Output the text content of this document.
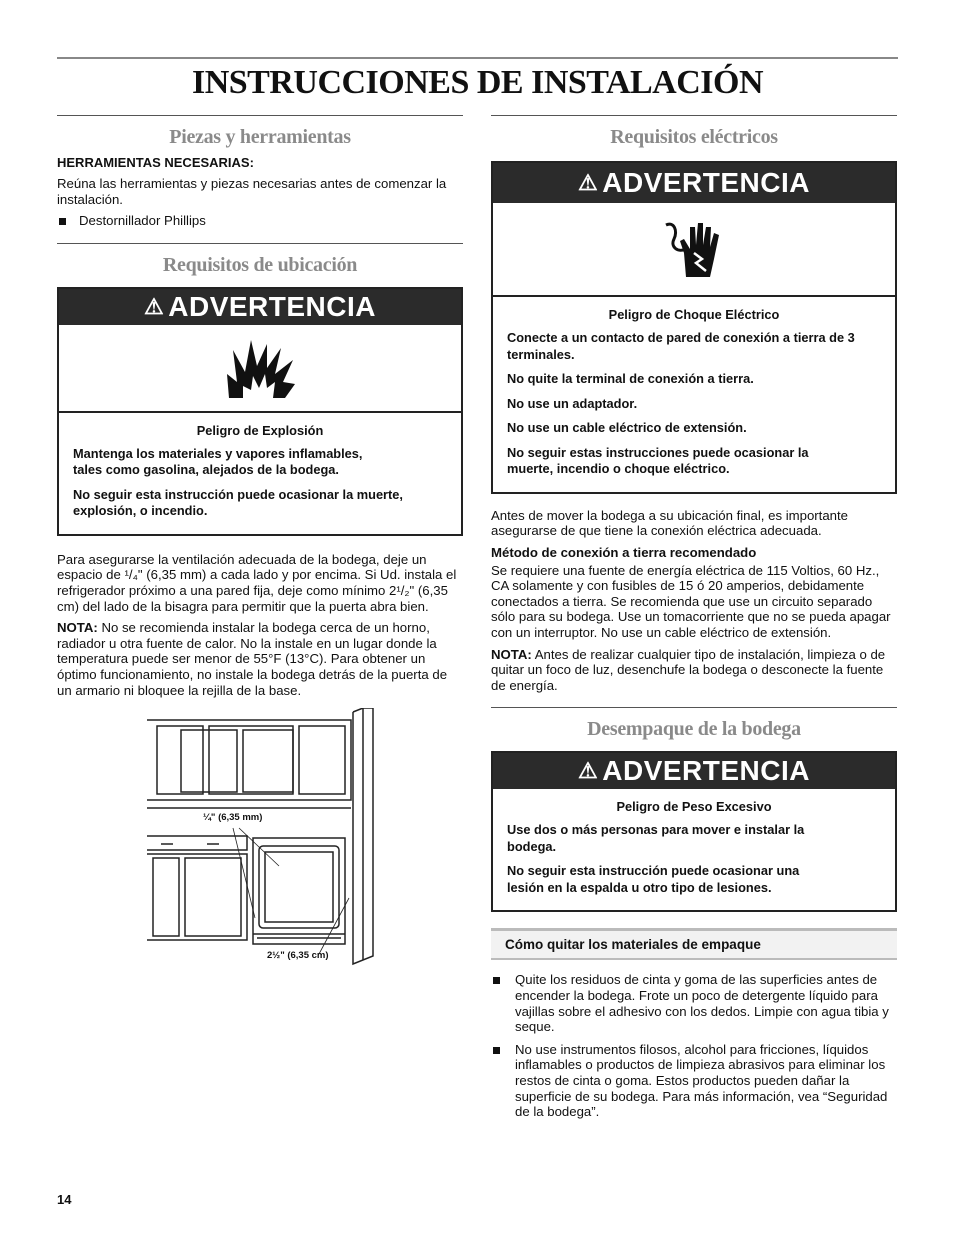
INSTRUCCIONES DE INSTALACIÓN
Piezas y herramientas
HERRAMIENTAS NECESARIAS:

Reúna las herramientas y piezas necesarias antes de comenzar la instalación.

Destornillador Phillips
Requisitos de ubicación
⚠ ADVERTENCIA
Peligro de Explosión

Mantenga los materiales y vapores inflamables, tales como gasolina, alejados de la bodega.

No seguir esta instrucción puede ocasionar la muerte, explosión, o incendio.

Para asegurarse la ventilación adecuada de la bodega, deje un espacio de ¹/₄" (6,35 mm) a cada lado y por encima. Si Ud. instala el refrigerador próximo a una pared fija, deje como mínimo 2¹/₂" (6,35 cm) del lado de la bisagra para permitir que la puerta abra bien.

NOTA: No se recomienda instalar la bodega cerca de un horno, radiador u otra fuente de calor. No la instale en un lugar donde la temperatura puede ser menor de 55°F (13°C). Para obtener un óptimo funcionamiento, no instale la bodega detrás de la puerta de un armario ni bloquee la rejilla de la base.

¼" (6,35 mm)
2½" (6,35 cm)
Requisitos eléctricos
⚠ ADVERTENCIA
Peligro de Choque Eléctrico

Conecte a un contacto de pared de conexión a tierra de 3 terminales.

No quite la terminal de conexión a tierra.

No use un adaptador.

No use un cable eléctrico de extensión.

No seguir estas instrucciones puede ocasionar la muerte, incendio o choque eléctrico.

Antes de mover la bodega a su ubicación final, es importante asegurarse de que tiene la conexión eléctrica adecuada.

Método de conexión a tierra recomendado

Se requiere una fuente de energía eléctrica de 115 Voltios, 60 Hz., CA solamente y con fusibles de 15 ó 20 amperios, debidamente conectados a tierra. Se recomienda que use un circuito separado sólo para su bodega. Use un tomacorriente que no se pueda apagar con un interruptor. No use un cable eléctrico de extensión.

NOTA: Antes de realizar cualquier tipo de instalación, limpieza o de quitar un foco de luz, desenchufe la bodega o desconecte la fuente de energía.

Desempaque de la bodega
⚠ ADVERTENCIA
Peligro de Peso Excesivo

Use dos o más personas para mover e instalar la bodega.

No seguir esta instrucción puede ocasionar una lesión en la espalda u otro tipo de lesiones.

Cómo quitar los materiales de empaque
Quite los residuos de cinta y goma de las superficies antes de encender la bodega. Frote un poco de detergente líquido para vajillas sobre el adhesivo con los dedos. Limpie con agua tibia y seque.
No use instrumentos filosos, alcohol para fricciones, líquidos inflamables o productos de limpieza abrasivos para eliminar los restos de cinta o goma. Estos productos pueden dañar la superficie de su bodega. Para más información, vea “Seguridad de la bodega”.
14
